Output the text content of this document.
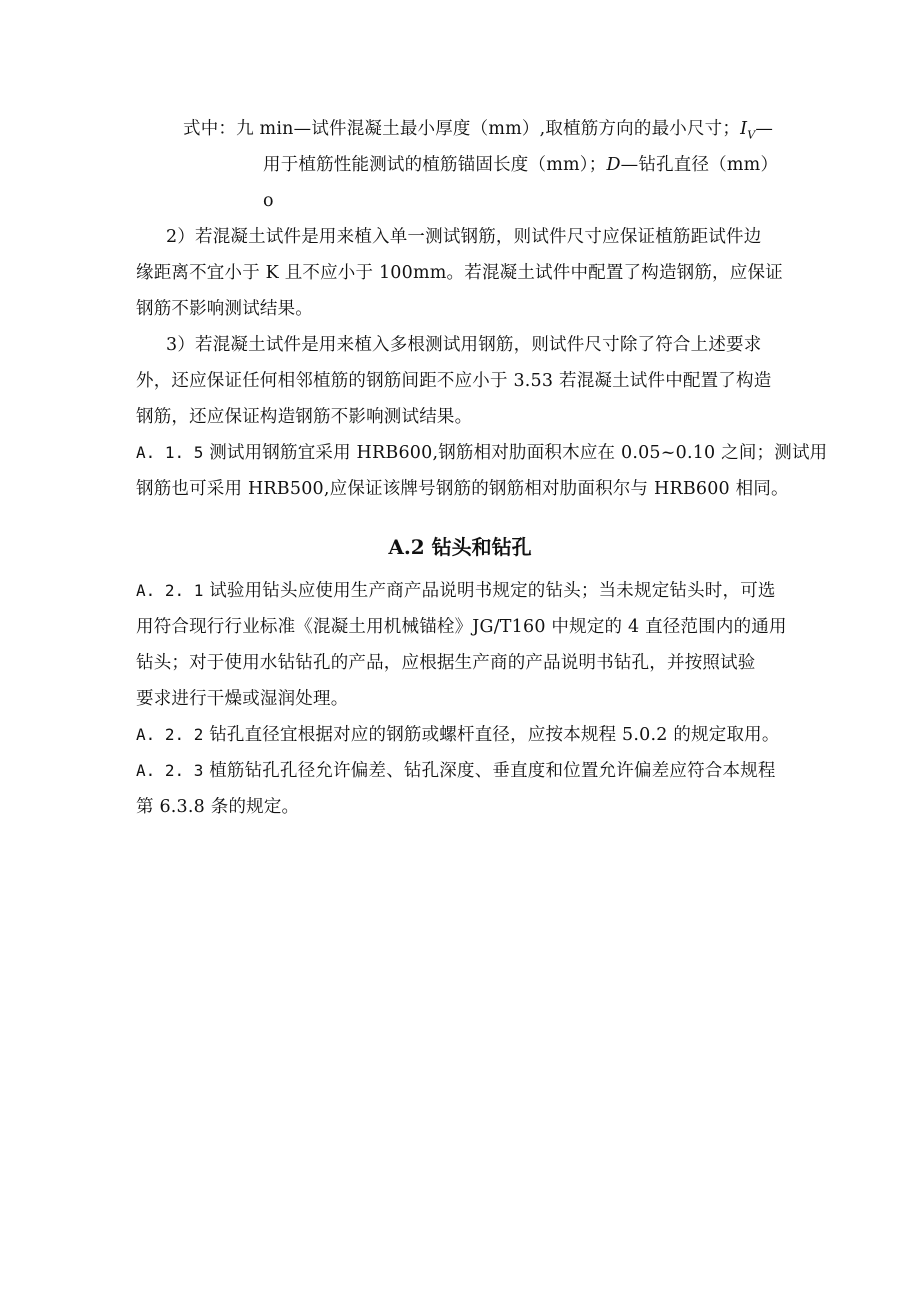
式中：九 min—试件混凝土最小厚度（mm）,取植筋方向的最小尺寸；$I_V—$
用于植筋性能测试的植筋锚固长度（mm）；D—钻孔直径（mm）
o
2）若混凝土试件是用来植入单一测试钢筋，则试件尺寸应保证植筋距试件边
缘距离不宜小于 K 且不应小于 100mm。若混凝土试件中配置了构造钢筋，应保证
钢筋不影响测试结果。
3）若混凝土试件是用来植入多根测试用钢筋，则试件尺寸除了符合上述要求
外，还应保证任何相邻植筋的钢筋间距不应小于 3.53 若混凝土试件中配置了构造
钢筋，还应保证构造钢筋不影响测试结果。
A. 1. 5 测试用钢筋宜采用 HRB600,钢筋相对肋面积木应在 0.05~0.10 之间；测试用
钢筋也可采用 HRB500,应保证该牌号钢筋的钢筋相对肋面积尔与 HRB600 相同。
A.2 钻头和钻孔
A. 2. 1 试验用钻头应使用生产商产品说明书规定的钻头；当未规定钻头时，可选
用符合现行行业标准《混凝土用机械锚栓》JG/T160 中规定的 4 直径范围内的通用
钻头；对于使用水钻钻孔的产品，应根据生产商的产品说明书钻孔，并按照试验
要求进行干燥或湿润处理。
A. 2. 2 钻孔直径宜根据对应的钢筋或螺杆直径，应按本规程 5.0.2 的规定取用。
A. 2. 3 植筋钻孔孔径允许偏差、钻孔深度、垂直度和位置允许偏差应符合本规程
第 6.3.8 条的规定。
